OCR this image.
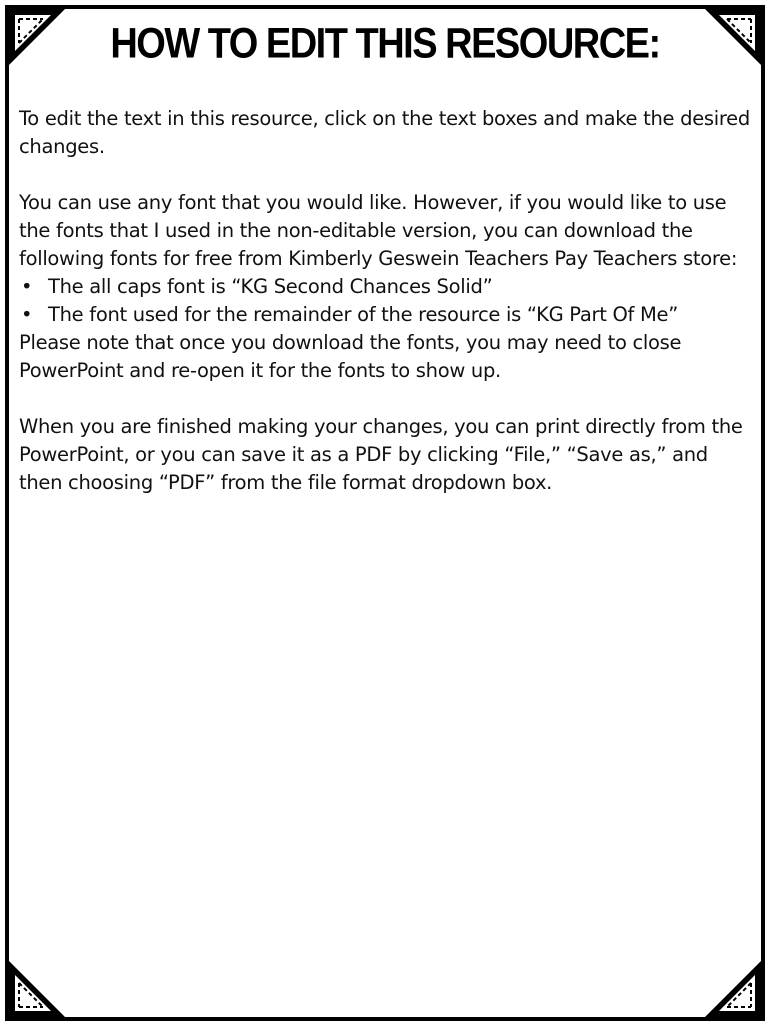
HOW TO EDIT THIS RESOURCE:

To edit the text in this resource, click on the text boxes and make the desired changes.

You can use any font that you would like. However, if you would like to use the fonts that I used in the non-editable version, you can download the following fonts for free from Kimberly Geswein Teachers Pay Teachers store:

• The all caps font is “KG Second Chances Solid”
• The font used for the remainder of the resource is “KG Part Of Me”

Please note that once you download the fonts, you may need to close PowerPoint and re-open it for the fonts to show up.

When you are finished making your changes, you can print directly from the PowerPoint, or you can save it as a PDF by clicking “File,” “Save as,” and then choosing “PDF” from the file format dropdown box.
